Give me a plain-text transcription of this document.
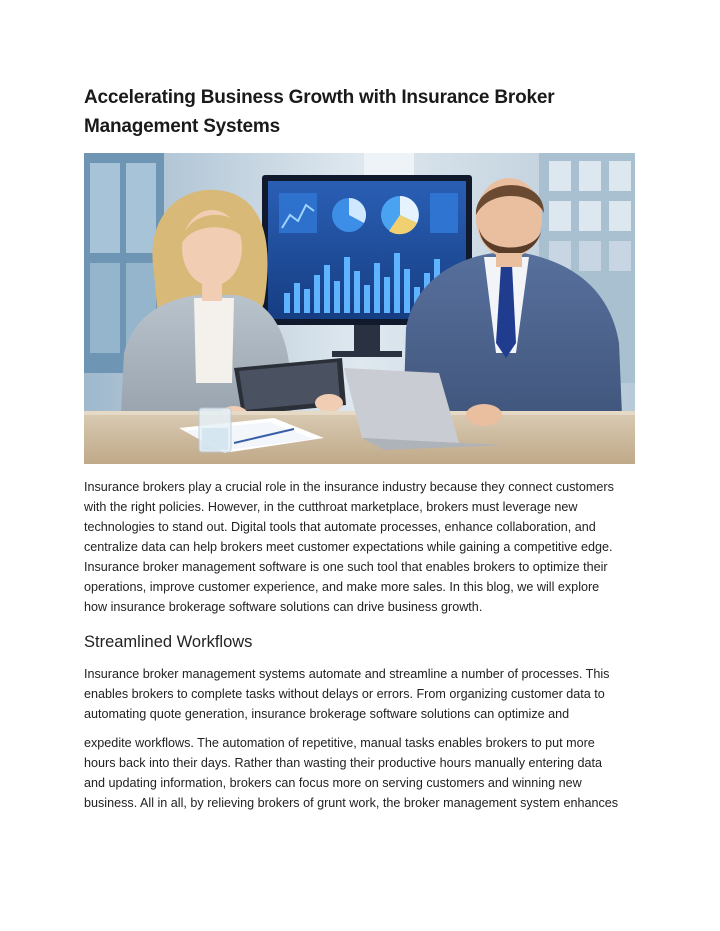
Accelerating Business Growth with Insurance Broker Management Systems

Insurance brokers play a crucial role in the insurance industry because they connect customers
with the right policies. However, in the cutthroat marketplace, brokers must leverage new
technologies to stand out. Digital tools that automate processes, enhance collaboration, and
centralize data can help brokers meet customer expectations while gaining a competitive edge.
Insurance broker management software is one such tool that enables brokers to optimize their
operations, improve customer experience, and make more sales. In this blog, we will explore
how insurance brokerage software solutions can drive business growth.

Streamlined Workflows

Insurance broker management systems automate and streamline a number of processes. This
enables brokers to complete tasks without delays or errors. From organizing customer data to
automating quote generation, insurance brokerage software solutions can optimize and

expedite workflows. The automation of repetitive, manual tasks enables brokers to put more
hours back into their days. Rather than wasting their productive hours manually entering data
and updating information, brokers can focus more on serving customers and winning new
business. All in all, by relieving brokers of grunt work, the broker management system enhances
